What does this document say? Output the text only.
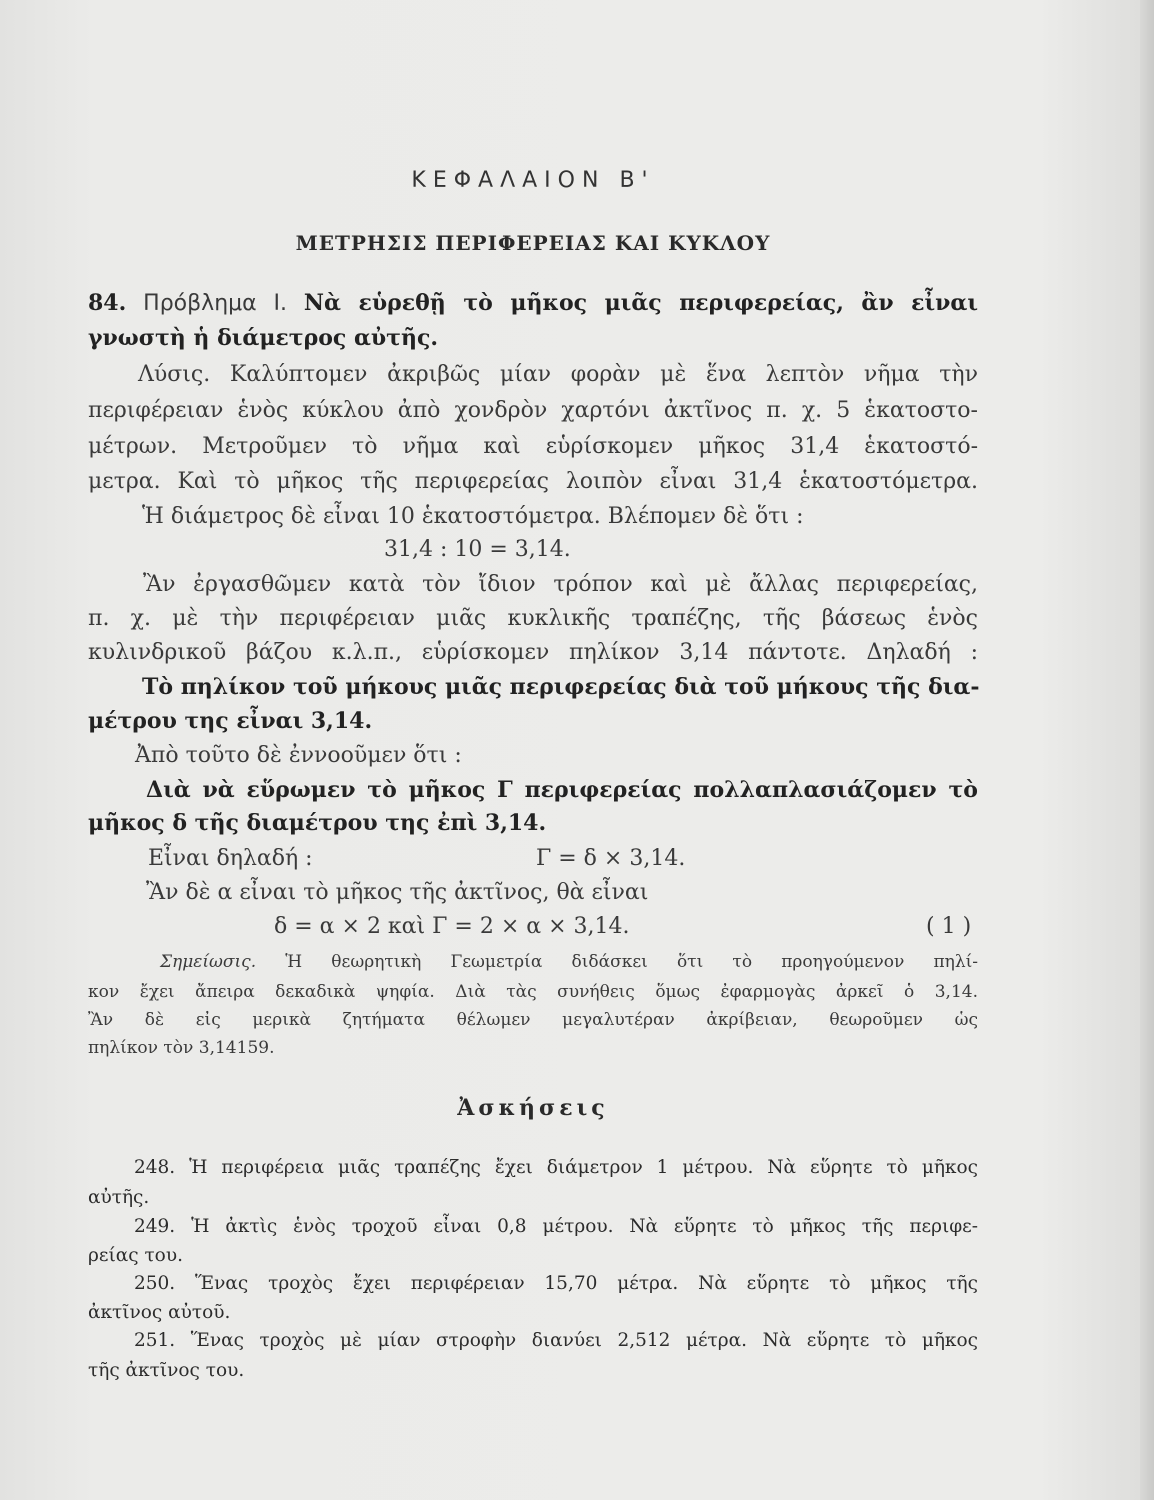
ΚΕΦΑΛΑΙΟΝ Β'
ΜΕΤΡΗΣΙΣ ΠΕΡΙΦΕΡΕΙΑΣ ΚΑΙ ΚΥΚΛΟΥ
84. Πρόβλημα Ι. Νὰ εὑρεθῇ τὸ μῆκος μιᾶς περιφερείας, ἂν εἶναι
γνωστὴ ἡ διάμετρος αὐτῆς.
Λύσις. Καλύπτομεν ἀκριβῶς μίαν φορὰν μὲ ἕνα λεπτὸν νῆμα τὴν
περιφέρειαν ἑνὸς κύκλου ἀπὸ χονδρὸν χαρτόνι ἀκτῖνος π. χ. 5 ἑκατοστο-
μέτρων. Μετροῦμεν τὸ νῆμα καὶ εὑρίσκομεν μῆκος 31,4 ἑκατοστό-
μετρα. Καὶ τὸ μῆκος τῆς περιφερείας λοιπὸν εἶναι 31,4 ἑκατοστόμετρα.
Ἡ διάμετρος δὲ εἶναι 10 ἑκατοστόμετρα. Βλέπομεν δὲ ὅτι :
31,4 : 10 = 3,14.
Ἂν ἐργασθῶμεν κατὰ τὸν ἴδιον τρόπον καὶ μὲ ἄλλας περιφερείας,
π. χ. μὲ τὴν περιφέρειαν μιᾶς κυκλικῆς τραπέζης, τῆς βάσεως ἑνὸς
κυλινδρικοῦ βάζου κ.λ.π., εὑρίσκομεν πηλίκον 3,14 πάντοτε. Δηλαδή :
Τὸ πηλίκον τοῦ μήκους μιᾶς περιφερείας διὰ τοῦ μήκους τῆς δια-
μέτρου της εἶναι 3,14.
Ἀπὸ τοῦτο δὲ ἐννοοῦμεν ὅτι :
Διὰ νὰ εὕρωμεν τὸ μῆκος Γ περιφερείας πολλαπλασιάζομεν τὸ
μῆκος δ τῆς διαμέτρου της ἐπὶ 3,14.
Εἶναι δηλαδή :	Γ = δ × 3,14.
Ἂν δὲ α εἶναι τὸ μῆκος τῆς ἀκτῖνος, θὰ εἶναι
δ = α × 2 καὶ Γ = 2 × α × 3,14.	( 1 )
Σημείωσις. Ἡ θεωρητικὴ Γεωμετρία διδάσκει ὅτι τὸ προηγούμενον πηλί-
κον ἔχει ἄπειρα δεκαδικὰ ψηφία. Διὰ τὰς συνήθεις ὅμως ἐφαρμογὰς ἀρκεῖ ὁ 3,14.
Ἂν δὲ εἰς μερικὰ ζητήματα θέλωμεν μεγαλυτέραν ἀκρίβειαν, θεωροῦμεν ὡς
πηλίκον τὸν 3,14159.
Ἀσκήσεις
248. Ἡ περιφέρεια μιᾶς τραπέζης ἔχει διάμετρον 1 μέτρου. Νὰ εὕρητε τὸ μῆκος
αὐτῆς.
249. Ἡ ἀκτὶς ἑνὸς τροχοῦ εἶναι 0,8 μέτρου. Νὰ εὕρητε τὸ μῆκος τῆς περιφε-
ρείας του.
250. Ἕνας τροχὸς ἔχει περιφέρειαν 15,70 μέτρα. Νὰ εὕρητε τὸ μῆκος τῆς
ἀκτῖνος αὐτοῦ.
251. Ἕνας τροχὸς μὲ μίαν στροφὴν διανύει 2,512 μέτρα. Νὰ εὕρητε τὸ μῆκος
τῆς ἀκτῖνος του.
